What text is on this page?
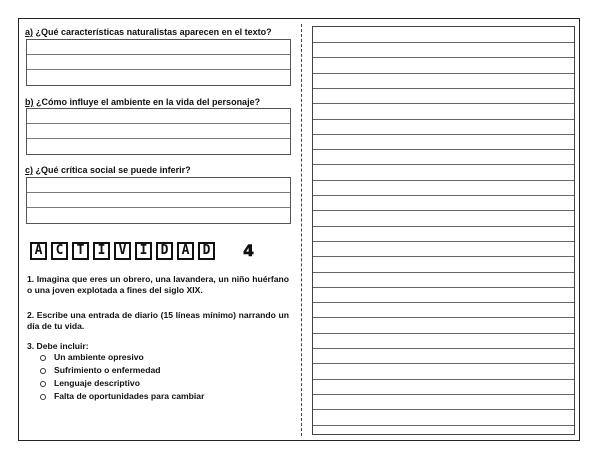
a) ¿Qué características naturalistas aparecen en el texto?
b) ¿Cómo influye el ambiente en la vida del personaje?
c) ¿Qué crítica social se puede inferir?
A	C	T	I	V	I	D	A	D 4
1. Imagina que eres un obrero, una lavandera, un niño huérfano o una joven explotada a fines del siglo XIX.
2. Escribe una entrada de diario (15 líneas mínimo) narrando un día de tu vida.
3. Debe incluir:
Un ambiente opresivo
Sufrimiento o enfermedad
Lenguaje descriptivo
Falta de oportunidades para cambiar
